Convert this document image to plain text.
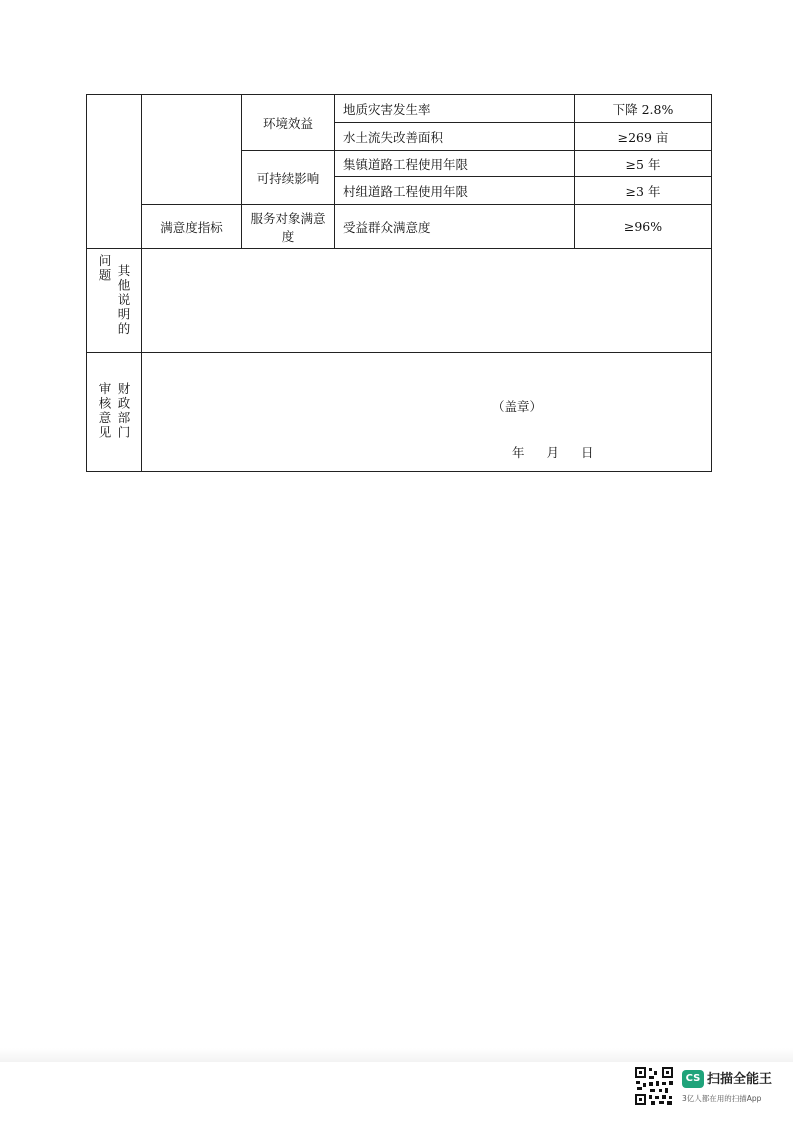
		环境效益	地质灾害发生率	下降 2.8%
			水土流失改善面积	≥269 亩
		可持续影响	集镇道路工程使用年限	≥5 年
			村组道路工程使用年限	≥3 年
	满意度指标	服务对象满意度	受益群众满意度	≥96%
问题 其他说明的				
审核意见 财政部门	（盖章）
年 月 日			
CS 扫描全能王
3亿人都在用的扫描App
